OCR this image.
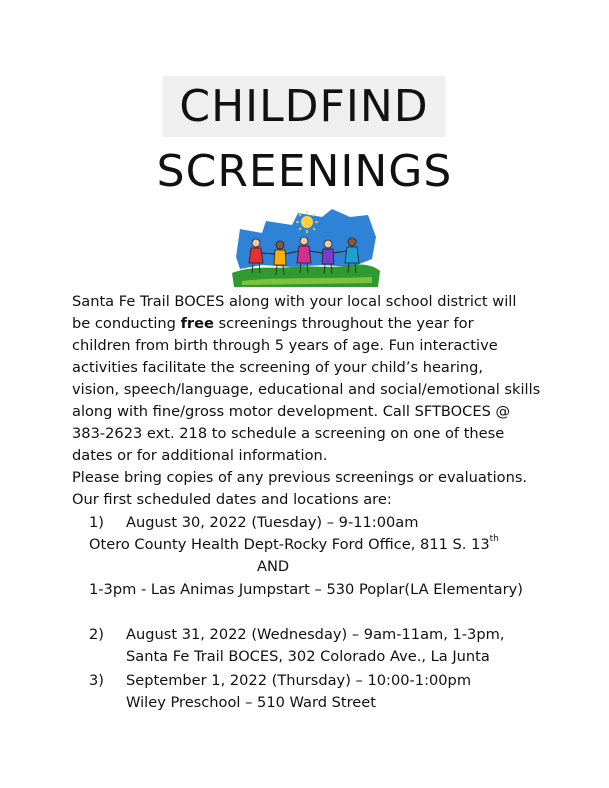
CHILDFIND
SCREENINGS
Santa Fe Trail BOCES along with your local school district will
be conducting free screenings throughout the year for
children from birth through 5 years of age. Fun interactive
activities facilitate the screening of your child’s hearing,
vision, speech/language, educational and social/emotional skills
along with fine/gross motor development. Call SFTBOCES @
383-2623 ext. 218 to schedule a screening on one of these
dates or for additional information.
Please bring copies of any previous screenings or evaluations.
Our first scheduled dates and locations are:
1) August 30, 2022 (Tuesday) – 9-11:00am
Otero County Health Dept-Rocky Ford Office, 811 S. 13th
AND
1-3pm - Las Animas Jumpstart – 530 Poplar(LA Elementary)
2) August 31, 2022 (Wednesday) – 9am-11am, 1-3pm,
Santa Fe Trail BOCES, 302 Colorado Ave., La Junta
3) September 1, 2022 (Thursday) – 10:00-1:00pm
Wiley Preschool – 510 Ward Street
